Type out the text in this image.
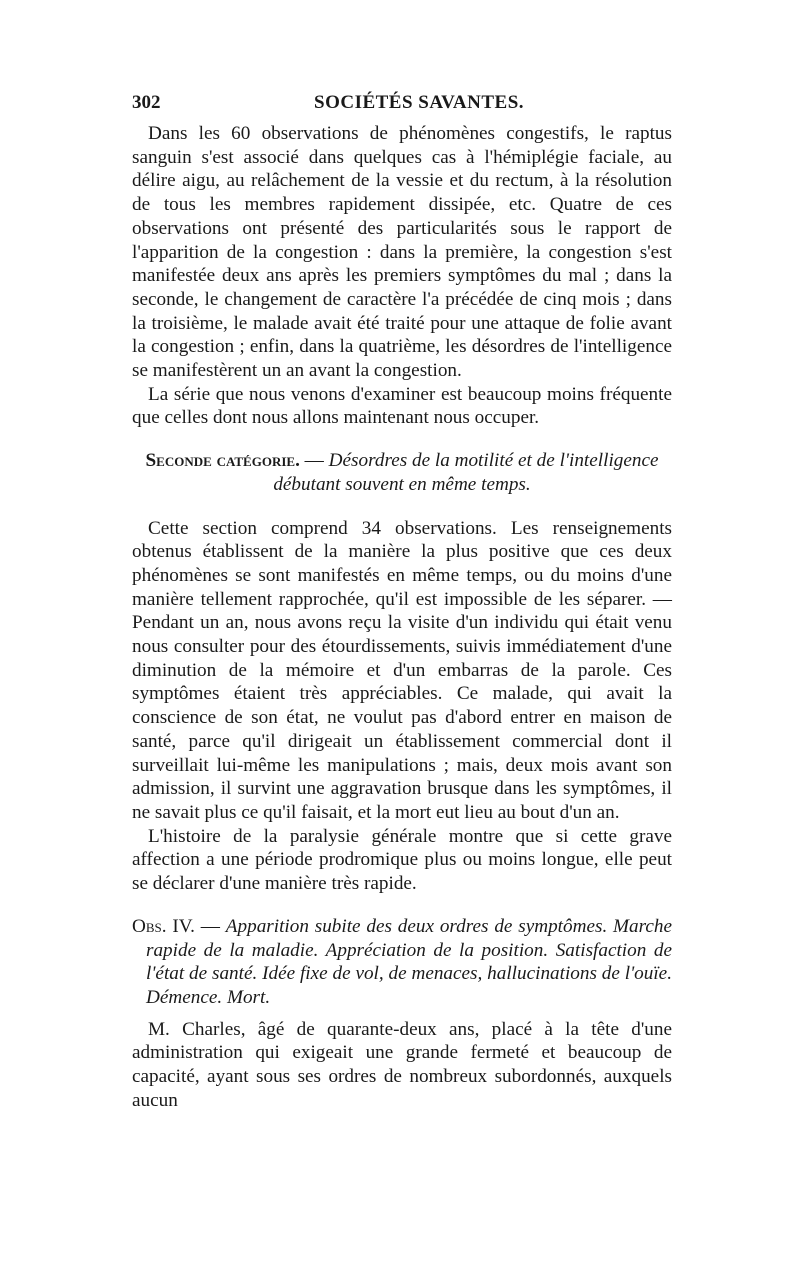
302	SOCIÉTÉS SAVANTES.

Dans les 60 observations de phénomènes congestifs, le raptus sanguin s'est associé dans quelques cas à l'hémiplégie faciale, au délire aigu, au relâchement de la vessie et du rectum, à la résolution de tous les membres rapidement dissipée, etc. Quatre de ces observations ont présenté des particularités sous le rapport de l'apparition de la congestion : dans la première, la congestion s'est manifestée deux ans après les premiers symptômes du mal ; dans la seconde, le changement de caractère l'a précédée de cinq mois ; dans la troisième, le malade avait été traité pour une attaque de folie avant la congestion ; enfin, dans la quatrième, les désordres de l'intelligence se manifestèrent un an avant la congestion.

La série que nous venons d'examiner est beaucoup moins fréquente que celles dont nous allons maintenant nous occuper.

Seconde catégorie. — Désordres de la motilité et de l'intelligence débutant souvent en même temps.

Cette section comprend 34 observations. Les renseignements obtenus établissent de la manière la plus positive que ces deux phénomènes se sont manifestés en même temps, ou du moins d'une manière tellement rapprochée, qu'il est impossible de les séparer. — Pendant un an, nous avons reçu la visite d'un individu qui était venu nous consulter pour des étourdissements, suivis immédiatement d'une diminution de la mémoire et d'un embarras de la parole. Ces symptômes étaient très appréciables. Ce malade, qui avait la conscience de son état, ne voulut pas d'abord entrer en maison de santé, parce qu'il dirigeait un établissement commercial dont il surveillait lui-même les manipulations ; mais, deux mois avant son admission, il survint une aggravation brusque dans les symptômes, il ne savait plus ce qu'il faisait, et la mort eut lieu au bout d'un an.

L'histoire de la paralysie générale montre que si cette grave affection a une période prodromique plus ou moins longue, elle peut se déclarer d'une manière très rapide.

Obs. IV. — Apparition subite des deux ordres de symptômes. Marche rapide de la maladie. Appréciation de la position. Satisfaction de l'état de santé. Idée fixe de vol, de menaces, hallucinations de l'ouïe. Démence. Mort.

M. Charles, âgé de quarante-deux ans, placé à la tête d'une administration qui exigeait une grande fermeté et beaucoup de capacité, ayant sous ses ordres de nombreux subordonnés, auxquels aucun
